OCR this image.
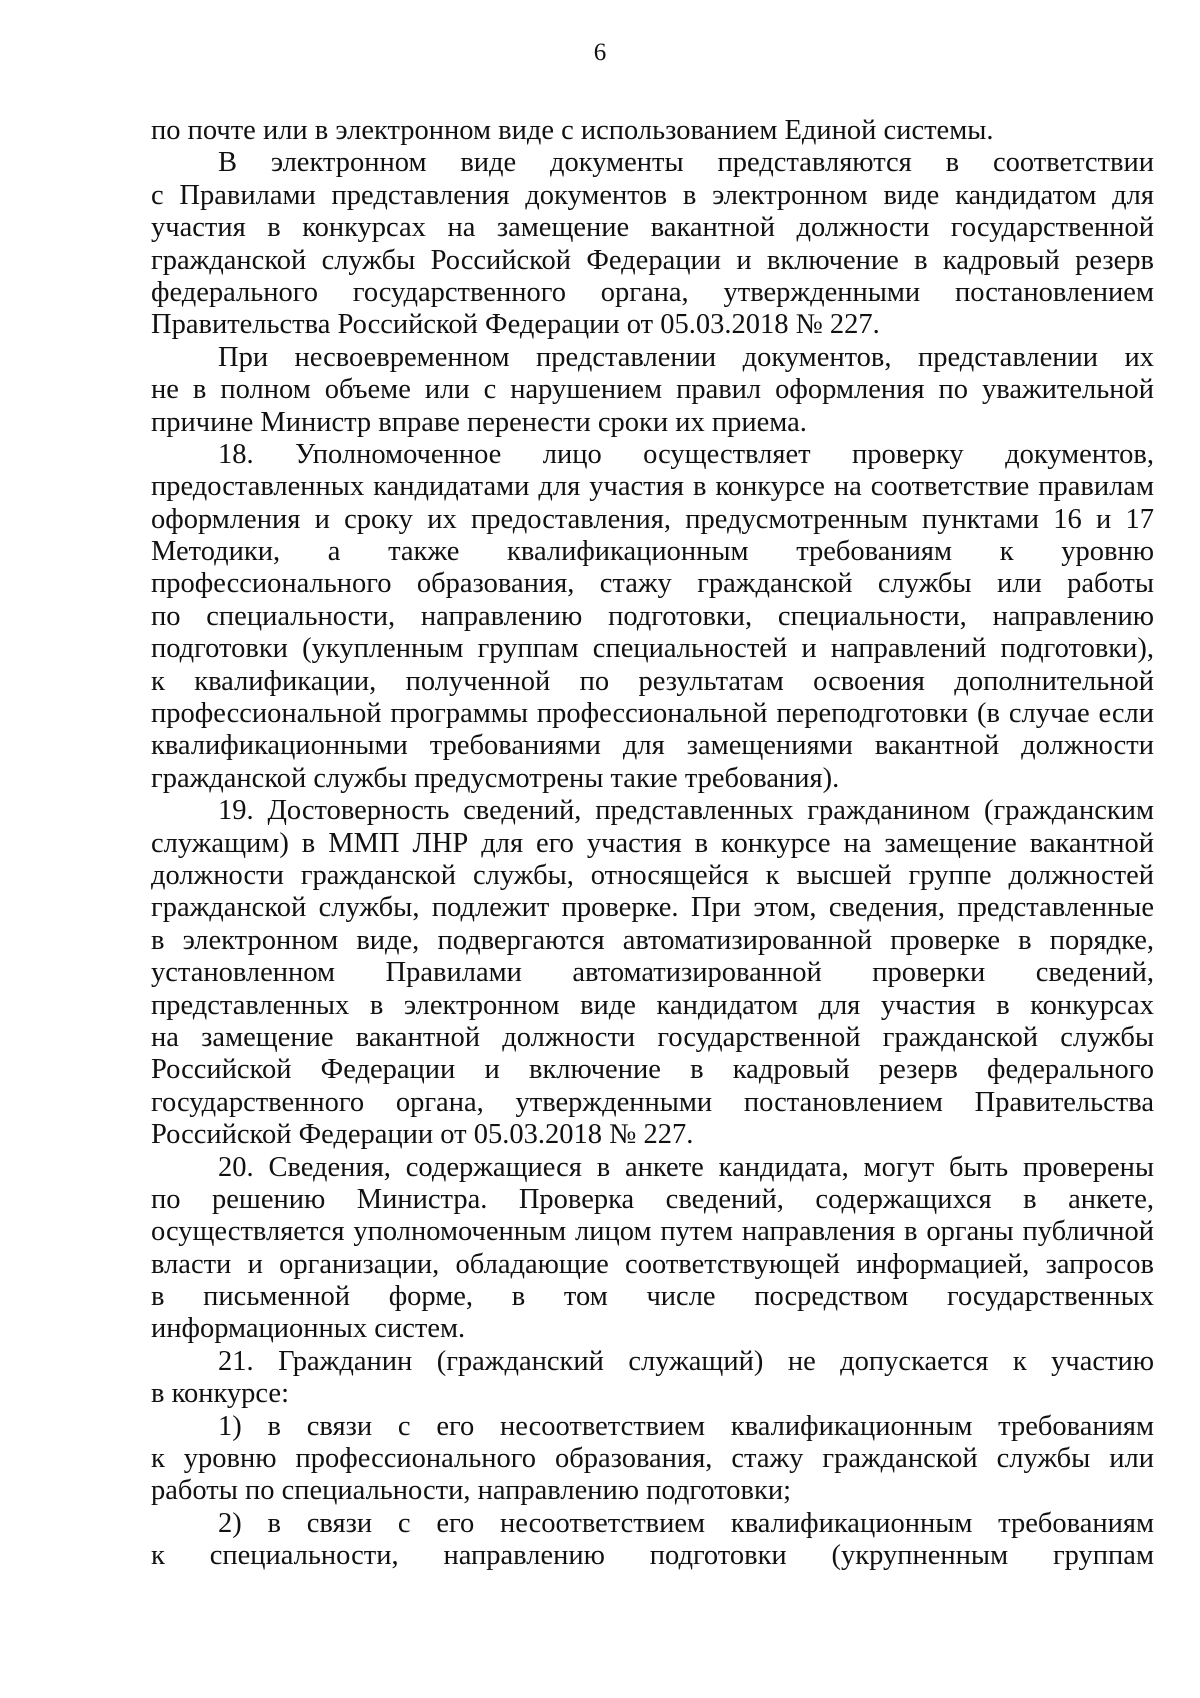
6
по почте или в электронном виде с использованием Единой системы.
В электронном виде документы представляются в соответствии
с Правилами представления документов в электронном виде кандидатом для
участия в конкурсах на замещение вакантной должности государственной
гражданской службы Российской Федерации и включение в кадровый резерв
федерального государственного органа, утвержденными постановлением
Правительства Российской Федерации от 05.03.2018 № 227.
При несвоевременном представлении документов, представлении их
не в полном объеме или с нарушением правил оформления по уважительной
причине Министр вправе перенести сроки их приема.
18. Уполномоченное лицо осуществляет проверку документов,
предоставленных кандидатами для участия в конкурсе на соответствие правилам
оформления и сроку их предоставления, предусмотренным пунктами 16 и 17
Методики, а также квалификационным требованиям к уровню
профессионального образования, стажу гражданской службы или работы
по специальности, направлению подготовки, специальности, направлению
подготовки (укупленным группам специальностей и направлений подготовки),
к квалификации, полученной по результатам освоения дополнительной
профессиональной программы профессиональной переподготовки (в случае если
квалификационными требованиями для замещениями вакантной должности
гражданской службы предусмотрены такие требования).
19. Достоверность сведений, представленных гражданином (гражданским
служащим) в ММП ЛНР для его участия в конкурсе на замещение вакантной
должности гражданской службы, относящейся к высшей группе должностей
гражданской службы, подлежит проверке. При этом, сведения, представленные
в электронном виде, подвергаются автоматизированной проверке в порядке,
установленном Правилами автоматизированной проверки сведений,
представленных в электронном виде кандидатом для участия в конкурсах
на замещение вакантной должности государственной гражданской службы
Российской Федерации и включение в кадровый резерв федерального
государственного органа, утвержденными постановлением Правительства
Российской Федерации от 05.03.2018 № 227.
20. Сведения, содержащиеся в анкете кандидата, могут быть проверены
по решению Министра. Проверка сведений, содержащихся в анкете,
осуществляется уполномоченным лицом путем направления в органы публичной
власти и организации, обладающие соответствующей информацией, запросов
в письменной форме, в том числе посредством государственных
информационных систем.
21. Гражданин (гражданский служащий) не допускается к участию
в конкурсе:
1) в связи с его несоответствием квалификационным требованиям
к уровню профессионального образования, стажу гражданской службы или
работы по специальности, направлению подготовки;
2) в связи с его несоответствием квалификационным требованиям
к специальности, направлению подготовки (укрупненным группам
